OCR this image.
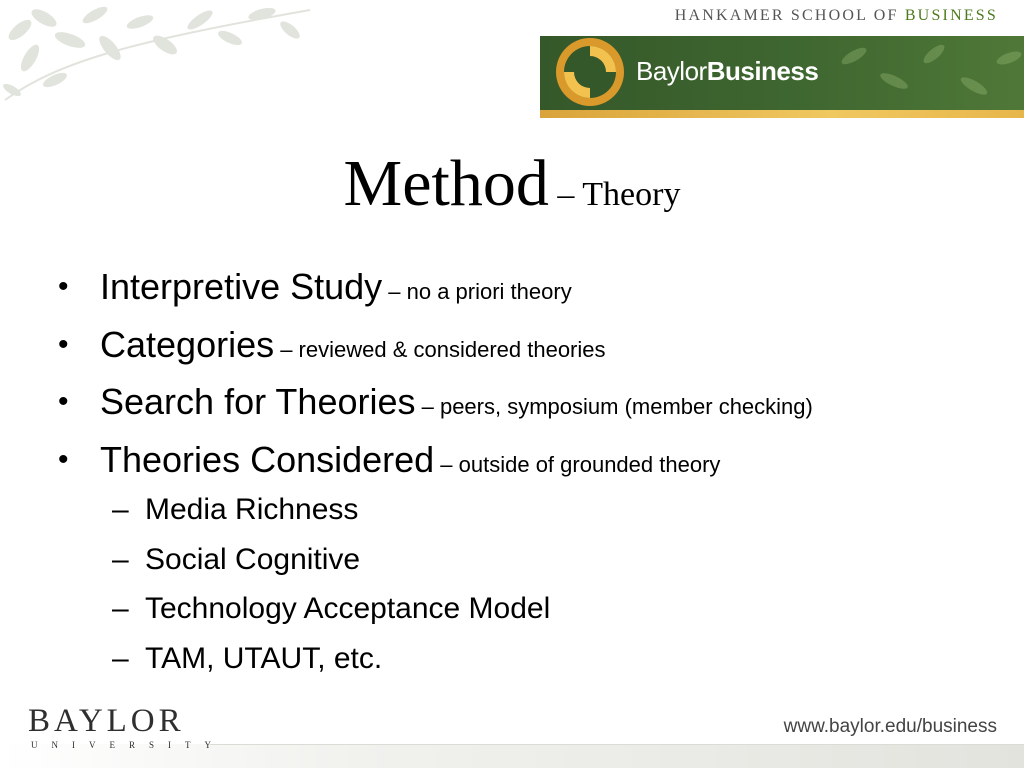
HANKAMER SCHOOL OF BUSINESS
BaylorBusiness
Method – Theory
• Interpretive Study – no a priori theory
• Categories – reviewed & considered theories
• Search for Theories – peers, symposium (member checking)
• Theories Considered – outside of grounded theory
– Media Richness
– Social Cognitive
– Technology Acceptance Model
– TAM, UTAUT, etc.
BAYLOR
UNIVERSITY
www.baylor.edu/business
